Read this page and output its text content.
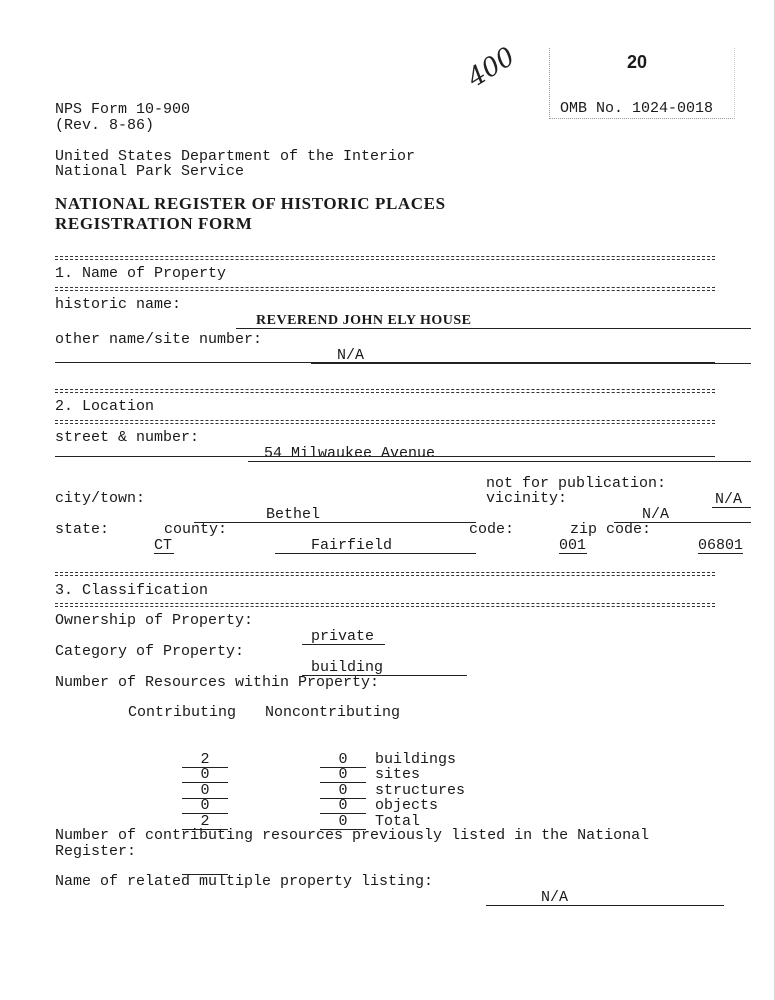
20
400
NPS Form 10-900
(Rev. 8-86)
OMB No. 1024-0018
United States Department of the Interior
National Park Service
NATIONAL REGISTER OF HISTORIC PLACES
REGISTRATION FORM
1. Name of Property
historic name:

REVEREND JOHN ELY HOUSE

other name/site number:

N/A

2. Location
street & number:

54 Milwaukee Avenue

not for publication:

N/A

city/town:

Bethel

vicinity:

N/A

state:

CT

county:

Fairfield

code:

001

zip code:

06801

3. Classification
Ownership of Property:

private

Category of Property:

building

Number of Resources within Property:
Contributing Noncontributing

2	0 buildings

0	0 sites

0	0 structures

0	0 objects

2	0 Total

Number of contributing resources previously listed in the National
Register:

Name of related multiple property listing:

N/A
